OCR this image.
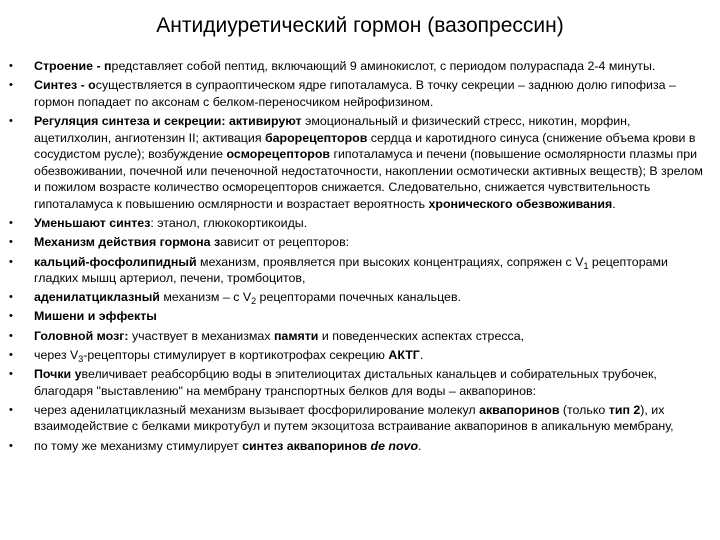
Антидиуретический гормон (вазопрессин)
• Строение - представляет собой пептид, включающий 9 аминокислот, с периодом полураспада 2-4 минуты.
• Синтез - осуществляется в супраоптическом ядре гипоталамуса. В точку секреции – заднюю долю гипофиза – гормон попадает по аксонам с белком-переносчиком нейрофизином.
• Регуляция синтеза и секреции: активируют эмоциональный и физический стресс, никотин, морфин, ацетилхолин, ангиотензин II; активация барорецепторов сердца и каротидного синуса (снижение объема крови в сосудистом русле); возбуждение осморецепторов гипоталамуса и печени (повышение осмолярности плазмы при обезвоживании, почечной или печеночной недостаточности, накоплении осмотически активных веществ); В зрелом и пожилом возрасте количество осморецепторов снижается. Следовательно, снижается чувствительность гипоталамуса к повышению осмлярности и возрастает вероятность хронического обезвоживания.
• Уменьшают синтез: этанол, глюкокортикоиды.
• Механизм действия гормона зависит от рецепторов:
• кальций-фосфолипидный механизм, проявляется при высоких концентрациях, сопряжен с $V_1$ рецепторами гладких мышц артериол, печени, тромбоцитов,
• аденилатциклазный механизм – с $V_2$ рецепторами почечных канальцев.
• Мишени и эффекты
• Головной мозг: участвует в механизмах памяти и поведенческих аспектах стресса,
• через $V_3$-рецепторы стимулирует в кортикотрофах секрецию АКТГ.
• Почки увеличивает реабсорбцию воды в эпителиоцитах дистальных канальцев и собирательных трубочек, благодаря "выставлению" на мембрану транспортных белков для воды – аквапоринов:
• через аденилатциклазный механизм вызывает фосфорилирование молекул аквапоринов (только тип 2), их взаимодействие с белками микротубул и путем экзоцитоза встраивание аквапоринов в апикальную мембрану,
• по тому же механизму стимулирует синтез аквапоринов de novo.
